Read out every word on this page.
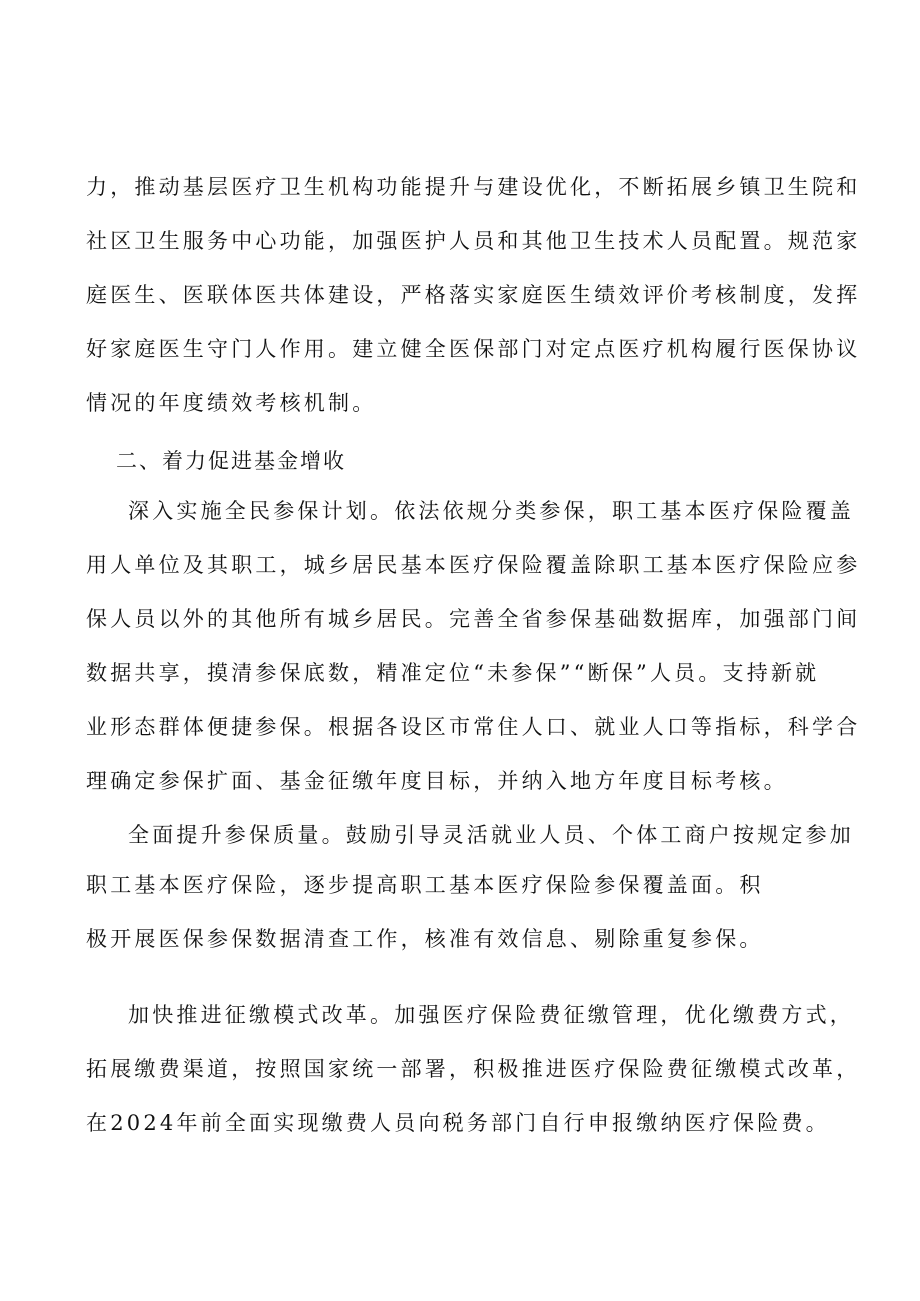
力，推动基层医疗卫生机构功能提升与建设优化，不断拓展乡镇卫生院和
社区卫生服务中心功能，加强医护人员和其他卫生技术人员配置。规范家
庭医生、医联体医共体建设，严格落实家庭医生绩效评价考核制度，发挥
好家庭医生守门人作用。建立健全医保部门对定点医疗机构履行医保协议
情况的年度绩效考核机制。
二、着力促进基金增收
深入实施全民参保计划。依法依规分类参保，职工基本医疗保险覆盖
用人单位及其职工，城乡居民基本医疗保险覆盖除职工基本医疗保险应参
保人员以外的其他所有城乡居民。完善全省参保基础数据库，加强部门间
数据共享，摸清参保底数，精准定位“未参保”“断保”人员。支持新就
业形态群体便捷参保。根据各设区市常住人口、就业人口等指标，科学合
理确定参保扩面、基金征缴年度目标，并纳入地方年度目标考核。
全面提升参保质量。鼓励引导灵活就业人员、个体工商户按规定参加
职工基本医疗保险，逐步提高职工基本医疗保险参保覆盖面。积
极开展医保参保数据清查工作，核准有效信息、剔除重复参保。
加快推进征缴模式改革。加强医疗保险费征缴管理，优化缴费方式，
拓展缴费渠道，按照国家统一部署，积极推进医疗保险费征缴模式改革，
在2024年前全面实现缴费人员向税务部门自行申报缴纳医疗保险费。
